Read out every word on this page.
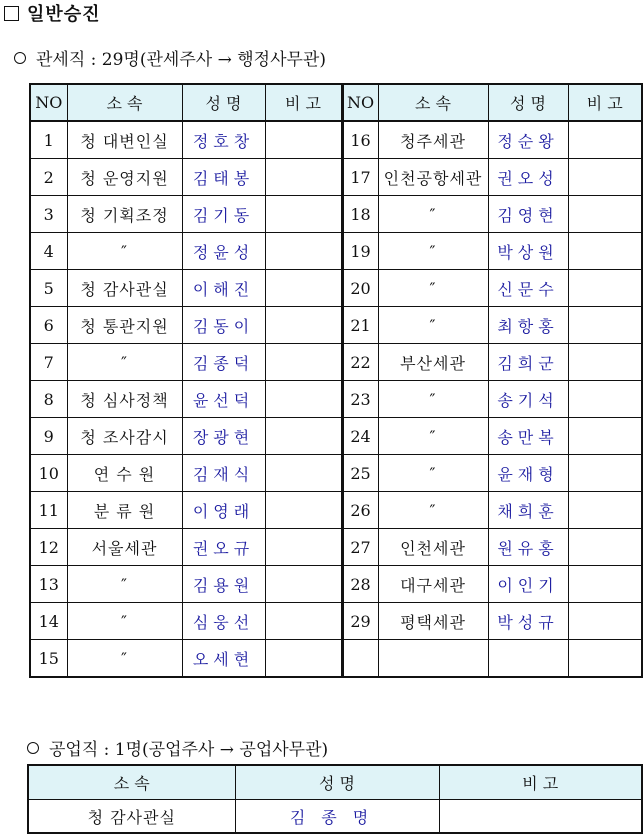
일반승진
관세직 : 29명(관세주사 → 행정사무관)
NO	소 속	성 명	비 고	NO	소 속	성 명	비 고
1	청 대변인실	정호창		16	청주세관	정순왕	
2	청 운영지원	김태봉		17	인천공항세관	권오성	
3	청 기획조정	김기동		18	″	김영현	
4	″	정윤성		19	″	박상원	
5	청 감사관실	이해진		20	″	신문수	
6	청 통관지원	김동이		21	″	최항홍	
7	″	김종덕		22	부산세관	김희군	
8	청 심사정책	윤선덕		23	″	송기석	
9	청 조사감시	장광현		24	″	송만복	
10	연 수 원	김재식		25	″	윤재형	
11	분 류 원	이영래		26	″	채희훈	
12	서울세관	권오규		27	인천세관	원유홍	
13	″	김용원		28	대구세관	이인기	
14	″	심웅선		29	평택세관	박성규	
15	″	오세현					
공업직 : 1명(공업주사 → 공업사무관)
소 속	성 명	비 고
청 감사관실	김종명	
